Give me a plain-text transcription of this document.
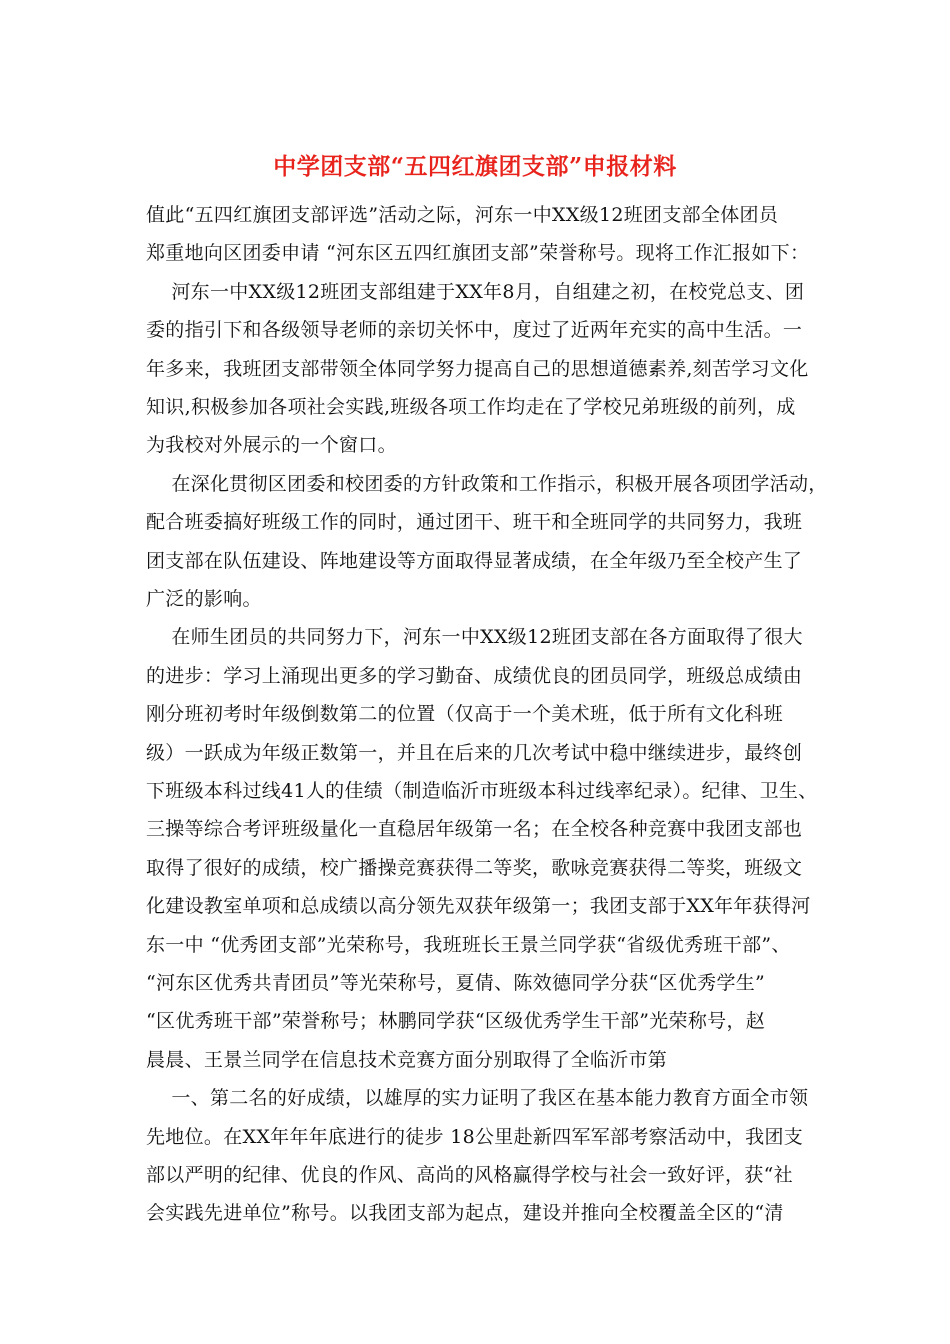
中学团支部“五四红旗团支部”申报材料
值此“五四红旗团支部评选”活动之际，河东一中XX级12班团支部全体团员
郑重地向区团委申请 “河东区五四红旗团支部”荣誉称号。现将工作汇报如下：
河东一中XX级12班团支部组建于XX年8月，自组建之初，在校党总支、团
委的指引下和各级领导老师的亲切关怀中，度过了近两年充实的高中生活。一
年多来，我班团支部带领全体同学努力提高自己的思想道德素养,刻苦学习文化
知识,积极参加各项社会实践,班级各项工作均走在了学校兄弟班级的前列，成
为我校对外展示的一个窗口。
在深化贯彻区团委和校团委的方针政策和工作指示，积极开展各项团学活动，
配合班委搞好班级工作的同时，通过团干、班干和全班同学的共同努力，我班
团支部在队伍建设、阵地建设等方面取得显著成绩，在全年级乃至全校产生了
广泛的影响。
在师生团员的共同努力下，河东一中XX级12班团支部在各方面取得了很大
的进步：学习上涌现出更多的学习勤奋、成绩优良的团员同学，班级总成绩由
刚分班初考时年级倒数第二的位置（仅高于一个美术班，低于所有文化科班
级）一跃成为年级正数第一，并且在后来的几次考试中稳中继续进步，最终创
下班级本科过线41人的佳绩（制造临沂市班级本科过线率纪录）。纪律、卫生、
三操等综合考评班级量化一直稳居年级第一名；在全校各种竞赛中我团支部也
取得了很好的成绩，校广播操竞赛获得二等奖，歌咏竞赛获得二等奖，班级文
化建设教室单项和总成绩以高分领先双获年级第一；我团支部于XX年年获得河
东一中 “优秀团支部”光荣称号，我班班长王景兰同学获“省级优秀班干部”、
“河东区优秀共青团员”等光荣称号，夏倩、陈效德同学分获“区优秀学生”
“区优秀班干部”荣誉称号；林鹏同学获“区级优秀学生干部”光荣称号，赵
晨晨、王景兰同学在信息技术竞赛方面分别取得了全临沂市第
一、第二名的好成绩，以雄厚的实力证明了我区在基本能力教育方面全市领
先地位。在XX年年年底进行的徒步 18公里赴新四军军部考察活动中，我团支
部以严明的纪律、优良的作风、高尚的风格赢得学校与社会一致好评，获“社
会实践先进单位”称号。以我团支部为起点，建设并推向全校覆盖全区的“清
